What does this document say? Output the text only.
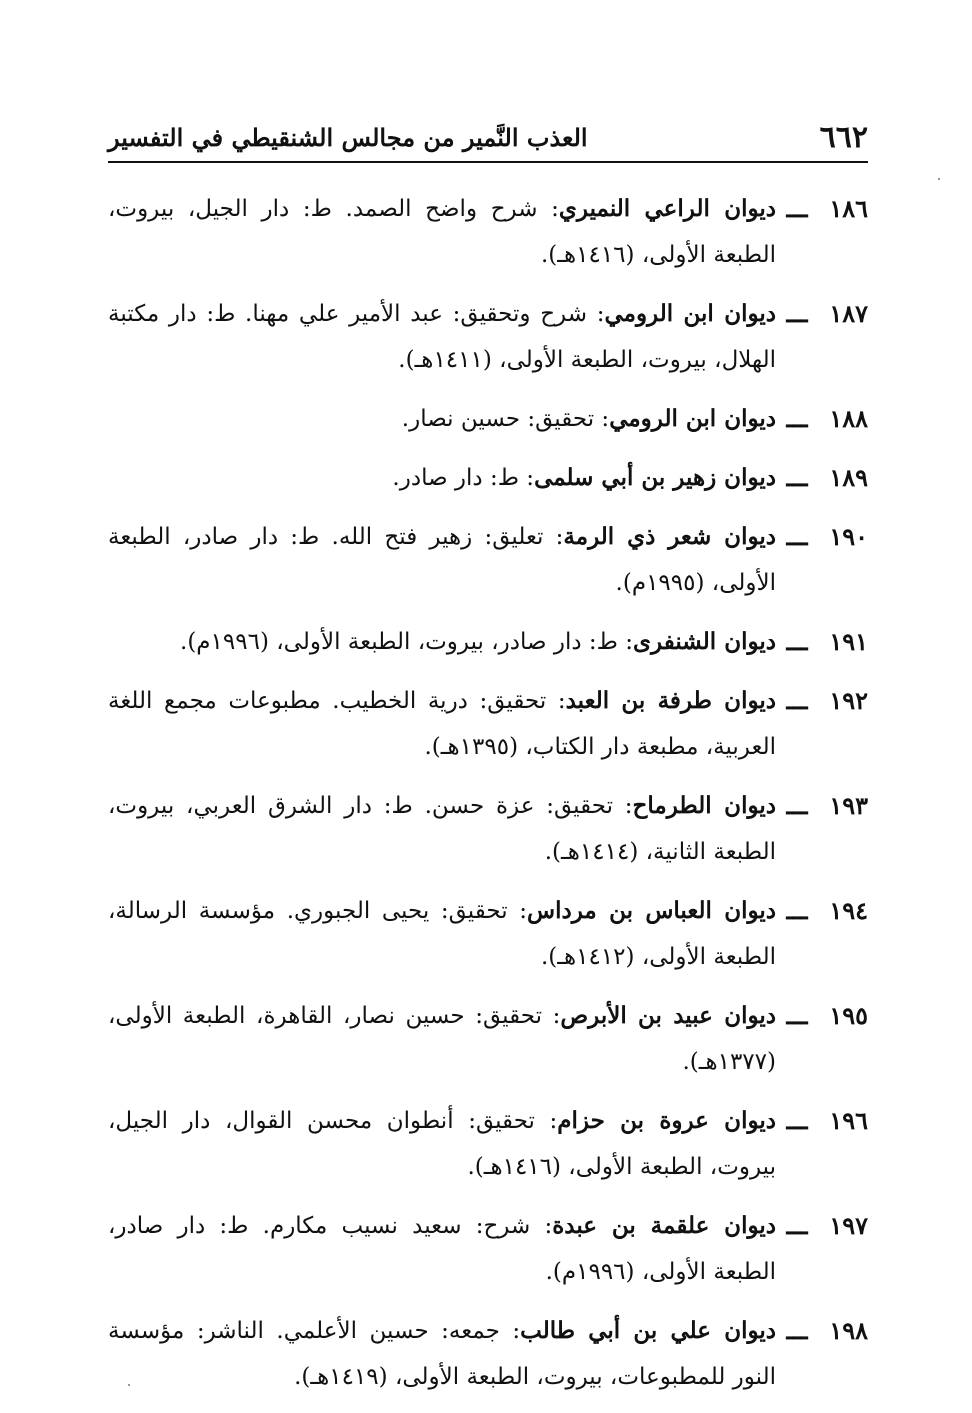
٦٦٢
العذب النَّمير من مجالس الشنقيطي في التفسير
١٨٦
ـــ
ديوان الراعي النميري: شرح واضح الصمد. ط: دار الجيل، بيروت، الطبعة الأولى، (١٤١٦هـ).
١٨٧
ـــ
ديوان ابن الرومي: شرح وتحقيق: عبد الأمير علي مهنا. ط: دار مكتبة الهلال، بيروت، الطبعة الأولى، (١٤١١هـ).
١٨٨
ـــ
ديوان ابن الرومي: تحقيق: حسين نصار.
١٨٩
ـــ
ديوان زهير بن أبي سلمى: ط: دار صادر.
١٩٠
ـــ
ديوان شعر ذي الرمة: تعليق: زهير فتح الله. ط: دار صادر، الطبعة الأولى، (١٩٩٥م).
١٩١
ـــ
ديوان الشنفرى: ط: دار صادر، بيروت، الطبعة الأولى، (١٩٩٦م).
١٩٢
ـــ
ديوان طرفة بن العبد: تحقيق: درية الخطيب. مطبوعات مجمع اللغة العربية، مطبعة دار الكتاب، (١٣٩٥هـ).
١٩٣
ـــ
ديوان الطرماح: تحقيق: عزة حسن. ط: دار الشرق العربي، بيروت، الطبعة الثانية، (١٤١٤هـ).
١٩٤
ـــ
ديوان العباس بن مرداس: تحقيق: يحيى الجبوري. مؤسسة الرسالة، الطبعة الأولى، (١٤١٢هـ).
١٩٥
ـــ
ديوان عبيد بن الأبرص: تحقيق: حسين نصار، القاهرة، الطبعة الأولى، (١٣٧٧هـ).
١٩٦
ـــ
ديوان عروة بن حزام: تحقيق: أنطوان محسن القوال، دار الجيل، بيروت، الطبعة الأولى، (١٤١٦هـ).
١٩٧
ـــ
ديوان علقمة بن عبدة: شرح: سعيد نسيب مكارم. ط: دار صادر، الطبعة الأولى، (١٩٩٦م).
١٩٨
ـــ
ديوان علي بن أبي طالب: جمعه: حسين الأعلمي. الناشر: مؤسسة النور للمطبوعات، بيروت، الطبعة الأولى، (١٤١٩هـ).
